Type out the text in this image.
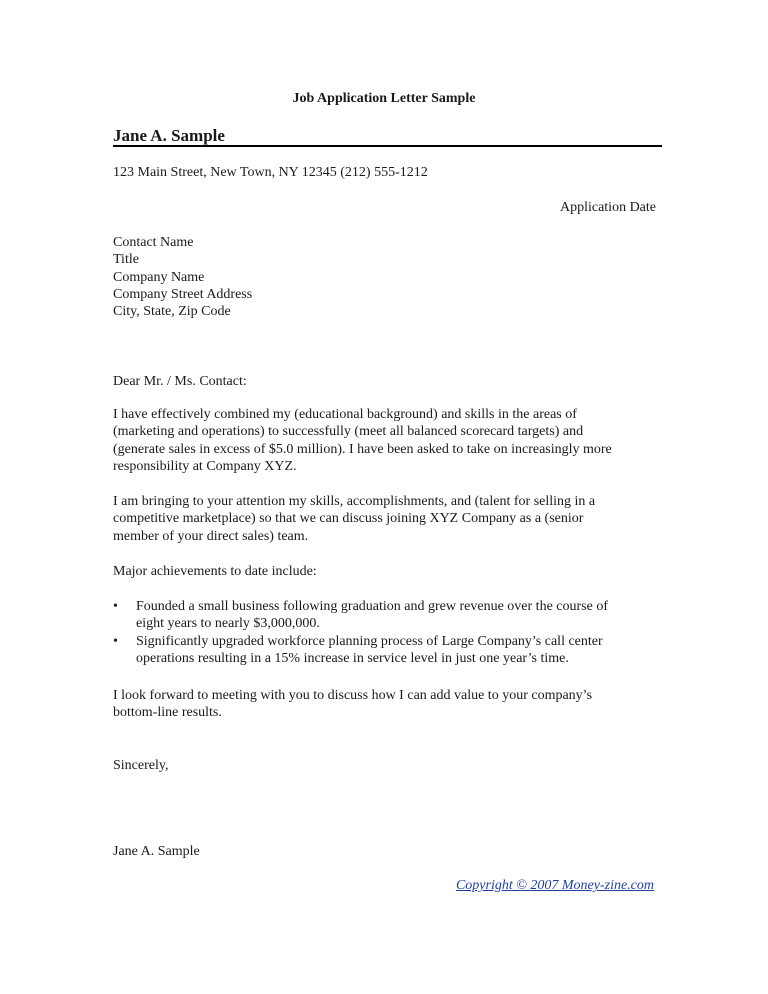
Job Application Letter Sample
Jane A. Sample
123 Main Street, New Town, NY 12345 (212) 555-1212
Application Date
Contact Name
Title
Company Name
Company Street Address
City, State, Zip Code
Dear Mr. / Ms. Contact:
I have effectively combined my (educational background) and skills in the areas of
(marketing and operations) to successfully (meet all balanced scorecard targets) and
(generate sales in excess of $5.0 million). I have been asked to take on increasingly more
responsibility at Company XYZ.
I am bringing to your attention my skills, accomplishments, and (talent for selling in a
competitive marketplace) so that we can discuss joining XYZ Company as a (senior
member of your direct sales) team.
Major achievements to date include:
• Founded a small business following graduation and grew revenue over the course of
eight years to nearly $3,000,000.
• Significantly upgraded workforce planning process of Large Company’s call center
operations resulting in a 15% increase in service level in just one year’s time.
I look forward to meeting with you to discuss how I can add value to your company’s
bottom-line results.
Sincerely,
Jane A. Sample
Copyright © 2007 Money-zine.com
